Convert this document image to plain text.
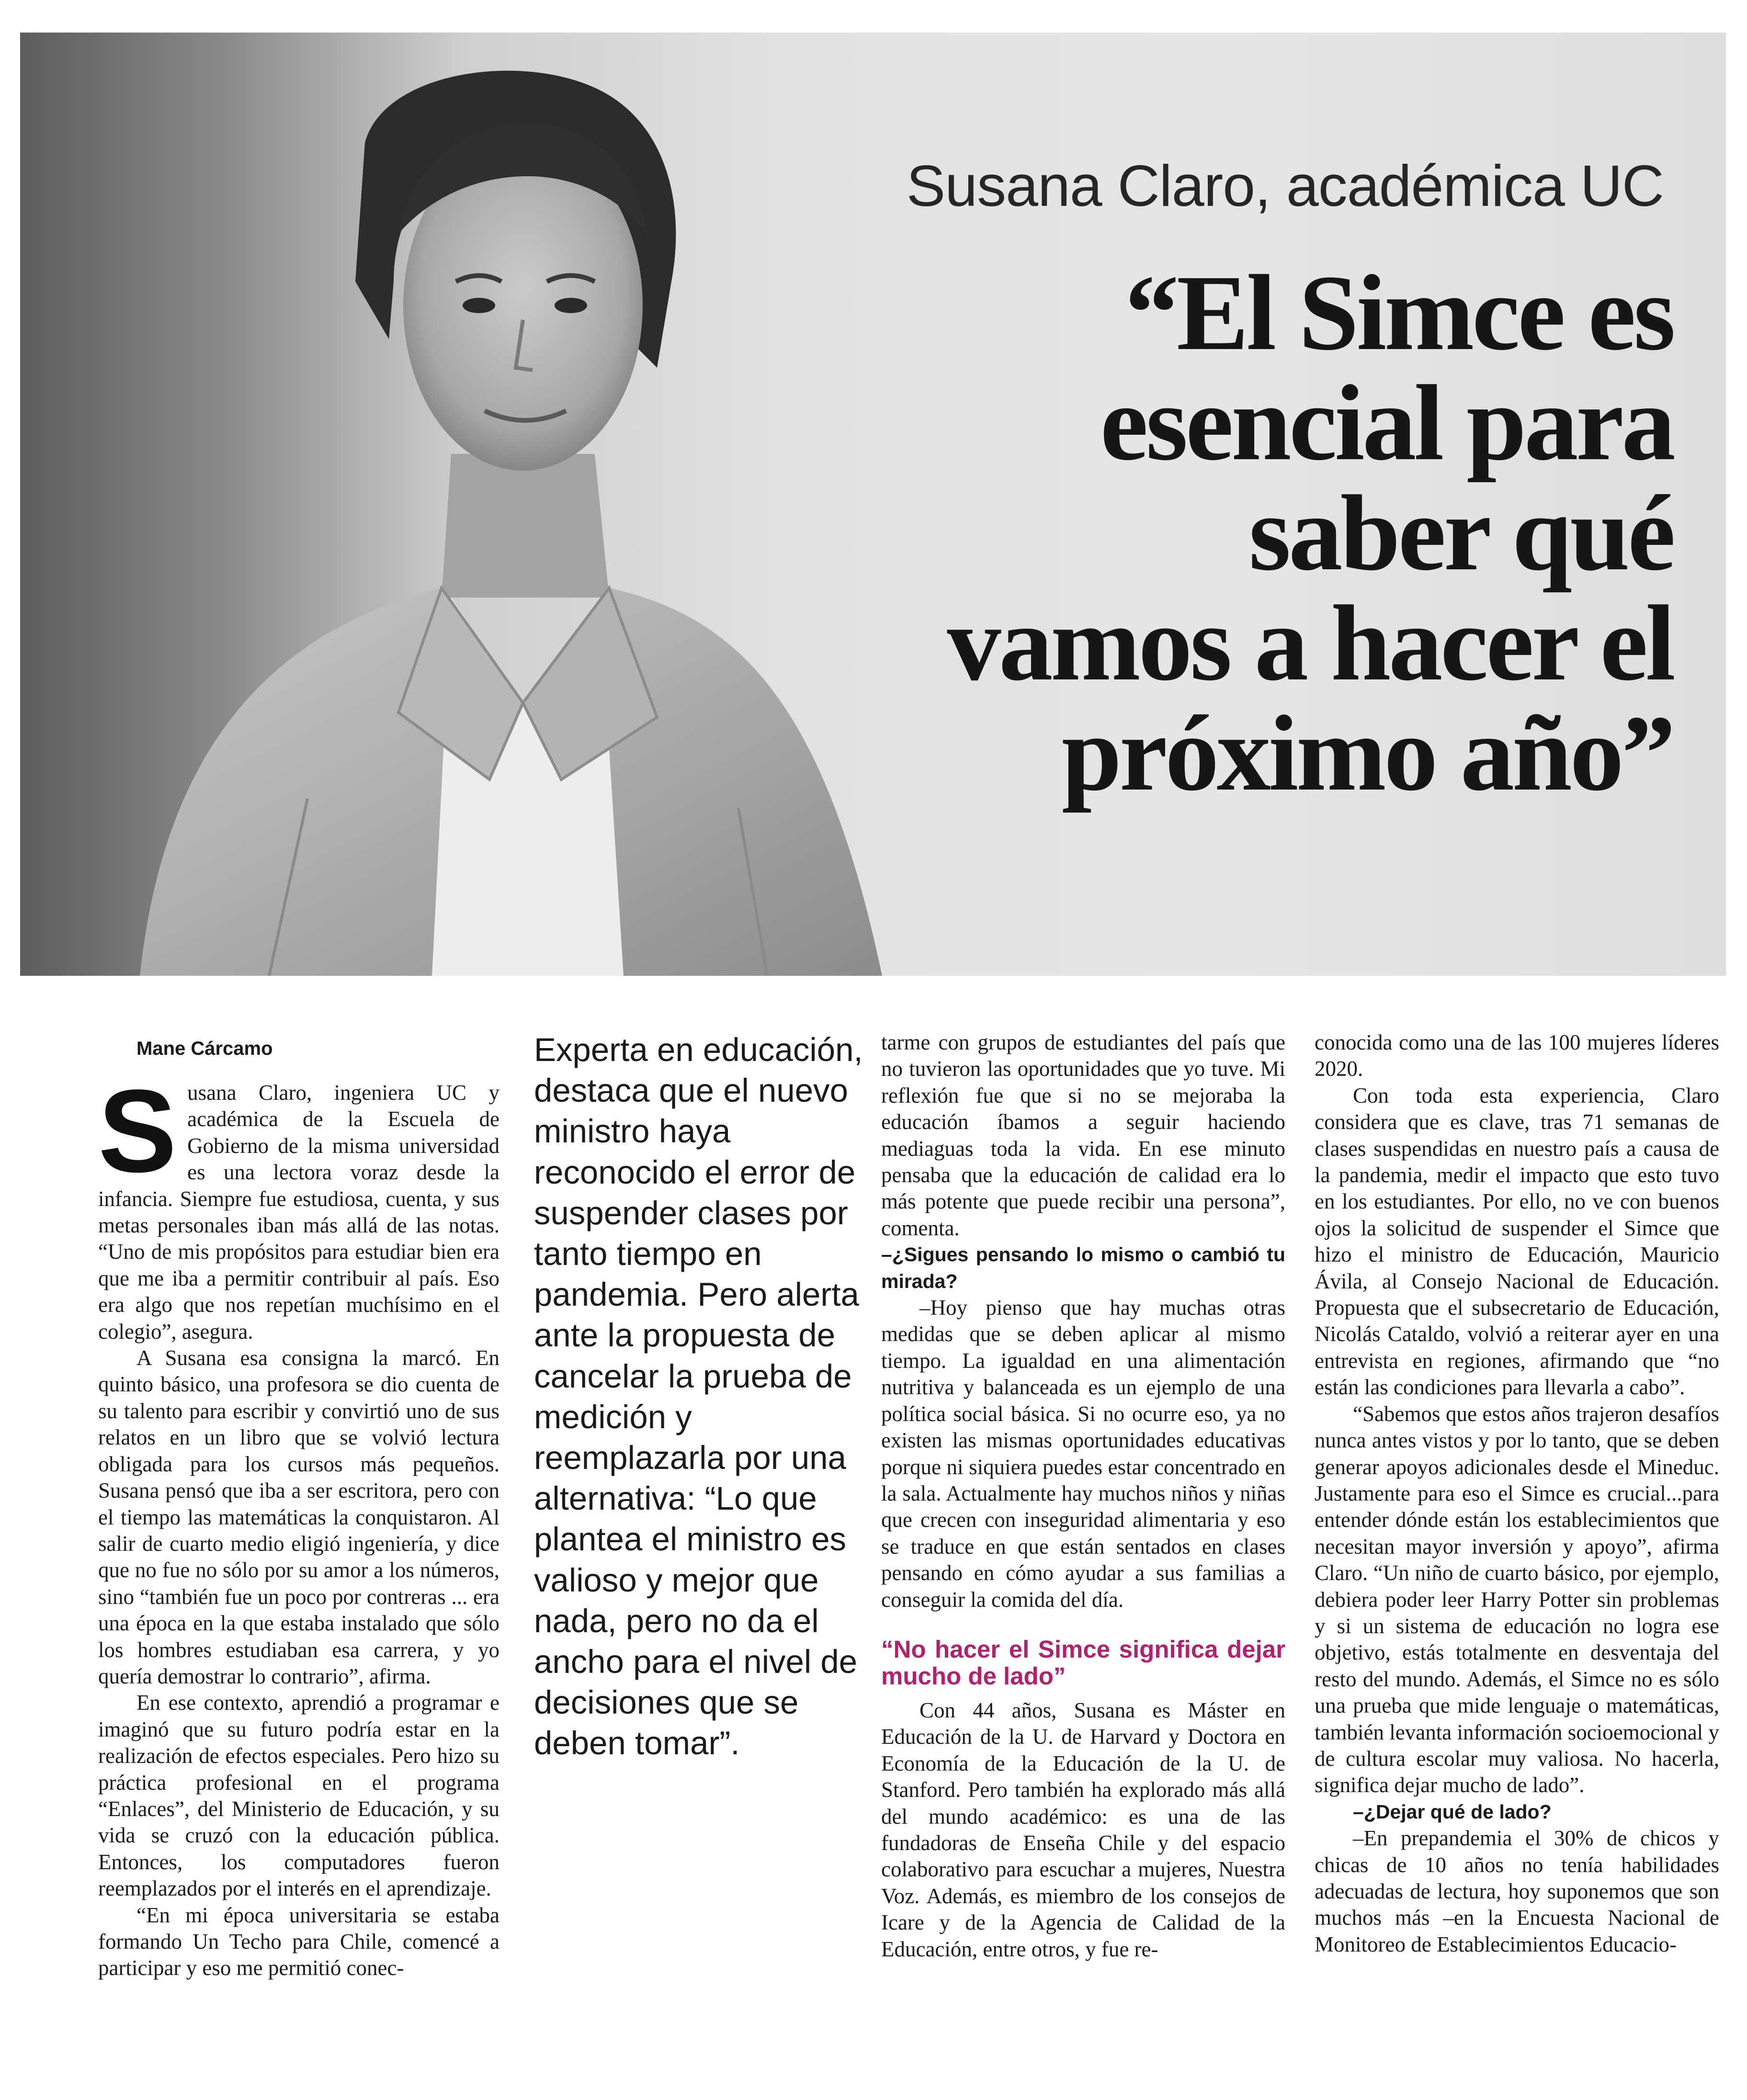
Susana Claro, académica UC
“El Simce es
esencial para
saber qué
vamos a hacer el
próximo año”
Mane Cárcamo

Susana Claro, ingeniera UC y académica de la Escuela de Gobierno de la misma universidad es una lectora voraz desde la infancia. Siempre fue estudiosa, cuenta, y sus metas personales iban más allá de las notas. “Uno de mis propósitos para estudiar bien era que me iba a permitir contribuir al país. Eso era algo que nos repetían muchísimo en el colegio”, asegura.

A Susana esa consigna la marcó. En quinto básico, una profesora se dio cuenta de su talento para escribir y convirtió uno de sus relatos en un libro que se volvió lectura obligada para los cursos más pequeños. Susana pensó que iba a ser escritora, pero con el tiempo las matemáticas la conquistaron. Al salir de cuarto medio eligió ingeniería, y dice que no fue no sólo por su amor a los números, sino “también fue un poco por contreras ... era una época en la que estaba instalado que sólo los hombres estudiaban esa carrera, y yo quería demostrar lo contrario”, afirma.

En ese contexto, aprendió a programar e imaginó que su futuro podría estar en la realización de efectos especiales. Pero hizo su práctica profesional en el programa “Enlaces”, del Ministerio de Educación, y su vida se cruzó con la educación pública. Entonces, los computadores fueron reemplazados por el interés en el aprendizaje.

“En mi época universitaria se estaba formando Un Techo para Chile, comencé a participar y eso me permitió conec-

Experta en educación, destaca que el nuevo ministro haya reconocido el error de suspender clases por tanto tiempo en pandemia. Pero alerta ante la propuesta de cancelar la prueba de medición y reemplazarla por una alternativa: “Lo que plantea el ministro es valioso y mejor que nada, pero no da el ancho para el nivel de decisiones que se deben tomar”.

tarme con grupos de estudiantes del país que no tuvieron las oportunidades que yo tuve. Mi reflexión fue que si no se mejoraba la educación íbamos a seguir haciendo mediaguas toda la vida. En ese minuto pensaba que la educación de calidad era lo más potente que puede recibir una persona”, comenta.

–¿Sigues pensando lo mismo o cambió tu mirada?

–Hoy pienso que hay muchas otras medidas que se deben aplicar al mismo tiempo. La igualdad en una alimentación nutritiva y balanceada es un ejemplo de una política social básica. Si no ocurre eso, ya no existen las mismas oportunidades educativas porque ni siquiera puedes estar concentrado en la sala. Actualmente hay muchos niños y niñas que crecen con inseguridad alimentaria y eso se traduce en que están sentados en clases pensando en cómo ayudar a sus familias a conseguir la comida del día.

“No hacer el Simce significa dejar mucho de lado”

Con 44 años, Susana es Máster en Educación de la U. de Harvard y Doctora en Economía de la Educación de la U. de Stanford. Pero también ha explorado más allá del mundo académico: es una de las fundadoras de Enseña Chile y del espacio colaborativo para escuchar a mujeres, Nuestra Voz. Además, es miembro de los consejos de Icare y de la Agencia de Calidad de la Educación, entre otros, y fue re-

conocida como una de las 100 mujeres líderes 2020.

Con toda esta experiencia, Claro considera que es clave, tras 71 semanas de clases suspendidas en nuestro país a causa de la pandemia, medir el impacto que esto tuvo en los estudiantes. Por ello, no ve con buenos ojos la solicitud de suspender el Simce que hizo el ministro de Educación, Mauricio Ávila, al Consejo Nacional de Educación. Propuesta que el subsecretario de Educación, Nicolás Cataldo, volvió a reiterar ayer en una entrevista en regiones, afirmando que “no están las condiciones para llevarla a cabo”.

“Sabemos que estos años trajeron desafíos nunca antes vistos y por lo tanto, que se deben generar apoyos adicionales desde el Mineduc. Justamente para eso el Simce es crucial...para entender dónde están los establecimientos que necesitan mayor inversión y apoyo”, afirma Claro. “Un niño de cuarto básico, por ejemplo, debiera poder leer Harry Potter sin problemas y si un sistema de educación no logra ese objetivo, estás totalmente en desventaja del resto del mundo. Además, el Simce no es sólo una prueba que mide lenguaje o matemáticas, también levanta información socioemocional y de cultura escolar muy valiosa. No hacerla, significa dejar mucho de lado”.

–¿Dejar qué de lado?

–En prepandemia el 30% de chicos y chicas de 10 años no tenía habilidades adecuadas de lectura, hoy suponemos que son muchos más –en la Encuesta Nacional de Monitoreo de Establecimientos Educacio-
